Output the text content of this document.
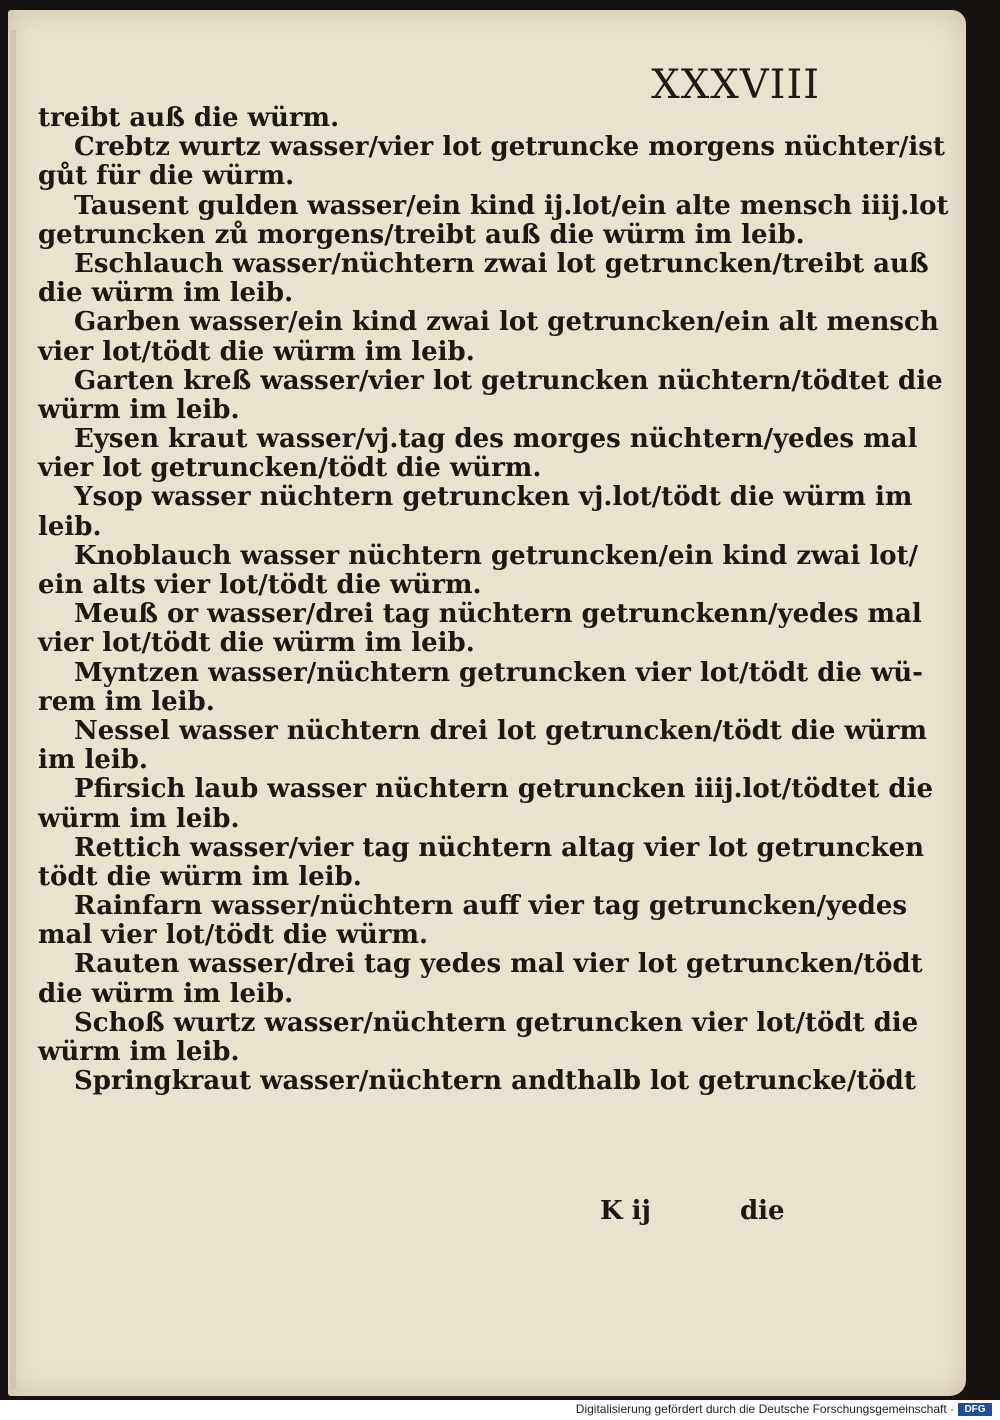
XXXVIII
treibt auß die würm.
Crebtz wurtz wasser/vier lot getruncke morgens nüchter/ist
gůt für die würm.
Tausent gulden wasser/ein kind ij.lot/ein alte mensch iiij.lot
getruncken zů morgens/treibt auß die würm im leib.
Eschlauch wasser/nüchtern zwai lot getruncken/treibt auß
die würm im leib.
Garben wasser/ein kind zwai lot getruncken/ein alt mensch
vier lot/tödt die würm im leib.
Garten kreß wasser/vier lot getruncken nüchtern/tödtet die
würm im leib.
Eysen kraut wasser/vj.tag des morges nüchtern/yedes mal
vier lot getruncken/tödt die würm.
Ysop wasser nüchtern getruncken vj.lot/tödt die würm im
leib.
Knoblauch wasser nüchtern getruncken/ein kind zwai lot/
ein alts vier lot/tödt die würm.
Meuß or wasser/drei tag nüchtern getrunckenn/yedes mal
vier lot/tödt die würm im leib.
Myntzen wasser/nüchtern getruncken vier lot/tödt die wü-
rem im leib.
Nessel wasser nüchtern drei lot getruncken/tödt die würm
im leib.
Pfirsich laub wasser nüchtern getruncken iiij.lot/tödtet die
würm im leib.
Rettich wasser/vier tag nüchtern altag vier lot getruncken
tödt die würm im leib.
Rainfarn wasser/nüchtern auff vier tag getruncken/yedes
mal vier lot/tödt die würm.
Rauten wasser/drei tag yedes mal vier lot getruncken/tödt
die würm im leib.
Schoß wurtz wasser/nüchtern getruncken vier lot/tödt die
würm im leib.
Springkraut wasser/nüchtern andthalb lot getruncke/tödt
K ij	die
Digitalisierung gefördert durch die Deutsche Forschungsgemeinschaft ·	DFG
